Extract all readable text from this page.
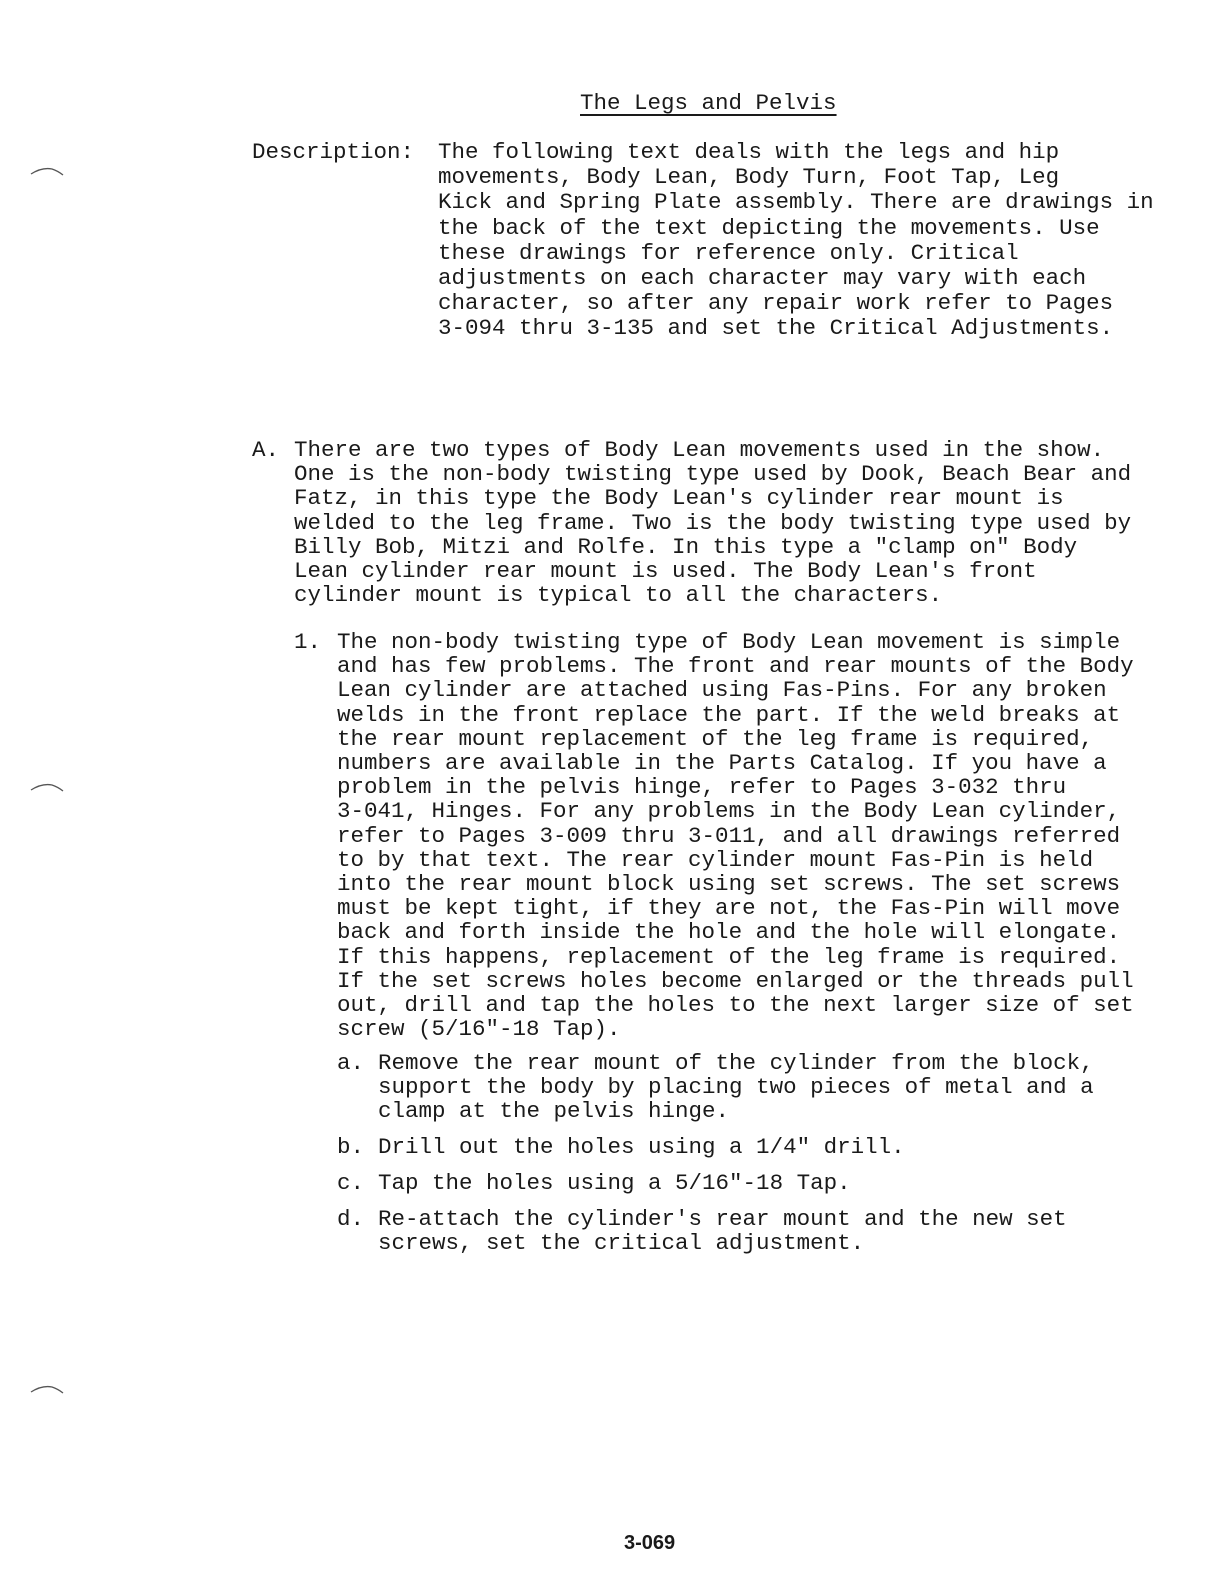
The Legs and Pelvis
Description: The following text deals with the legs and hip
movements, Body Lean, Body Turn, Foot Tap, Leg
Kick and Spring Plate assembly. There are drawings in
the back of the text depicting the movements. Use
these drawings for reference only. Critical
adjustments on each character may vary with each
character, so after any repair work refer to Pages
3-094 thru 3-135 and set the Critical Adjustments.

A. There are two types of Body Lean movements used in the show.
One is the non-body twisting type used by Dook, Beach Bear and
Fatz, in this type the Body Lean's cylinder rear mount is
welded to the leg frame. Two is the body twisting type used by
Billy Bob, Mitzi and Rolfe. In this type a "clamp on" Body
Lean cylinder rear mount is used. The Body Lean's front
cylinder mount is typical to all the characters.

1. The non-body twisting type of Body Lean movement is simple
and has few problems. The front and rear mounts of the Body
Lean cylinder are attached using Fas-Pins. For any broken
welds in the front replace the part. If the weld breaks at
the rear mount replacement of the leg frame is required,
numbers are available in the Parts Catalog. If you have a
problem in the pelvis hinge, refer to Pages 3-032 thru
3-041, Hinges. For any problems in the Body Lean cylinder,
refer to Pages 3-009 thru 3-011, and all drawings referred
to by that text. The rear cylinder mount Fas-Pin is held
into the rear mount block using set screws. The set screws
must be kept tight, if they are not, the Fas-Pin will move
back and forth inside the hole and the hole will elongate.
If this happens, replacement of the leg frame is required.
If the set screws holes become enlarged or the threads pull
out, drill and tap the holes to the next larger size of set
screw (5/16"-18 Tap).

a. Remove the rear mount of the cylinder from the block,
support the body by placing two pieces of metal and a
clamp at the pelvis hinge.

b. Drill out the holes using a 1/4" drill.

c. Tap the holes using a 5/16"-18 Tap.

d. Re-attach the cylinder's rear mount and the new set
screws, set the critical adjustment.

3-069
